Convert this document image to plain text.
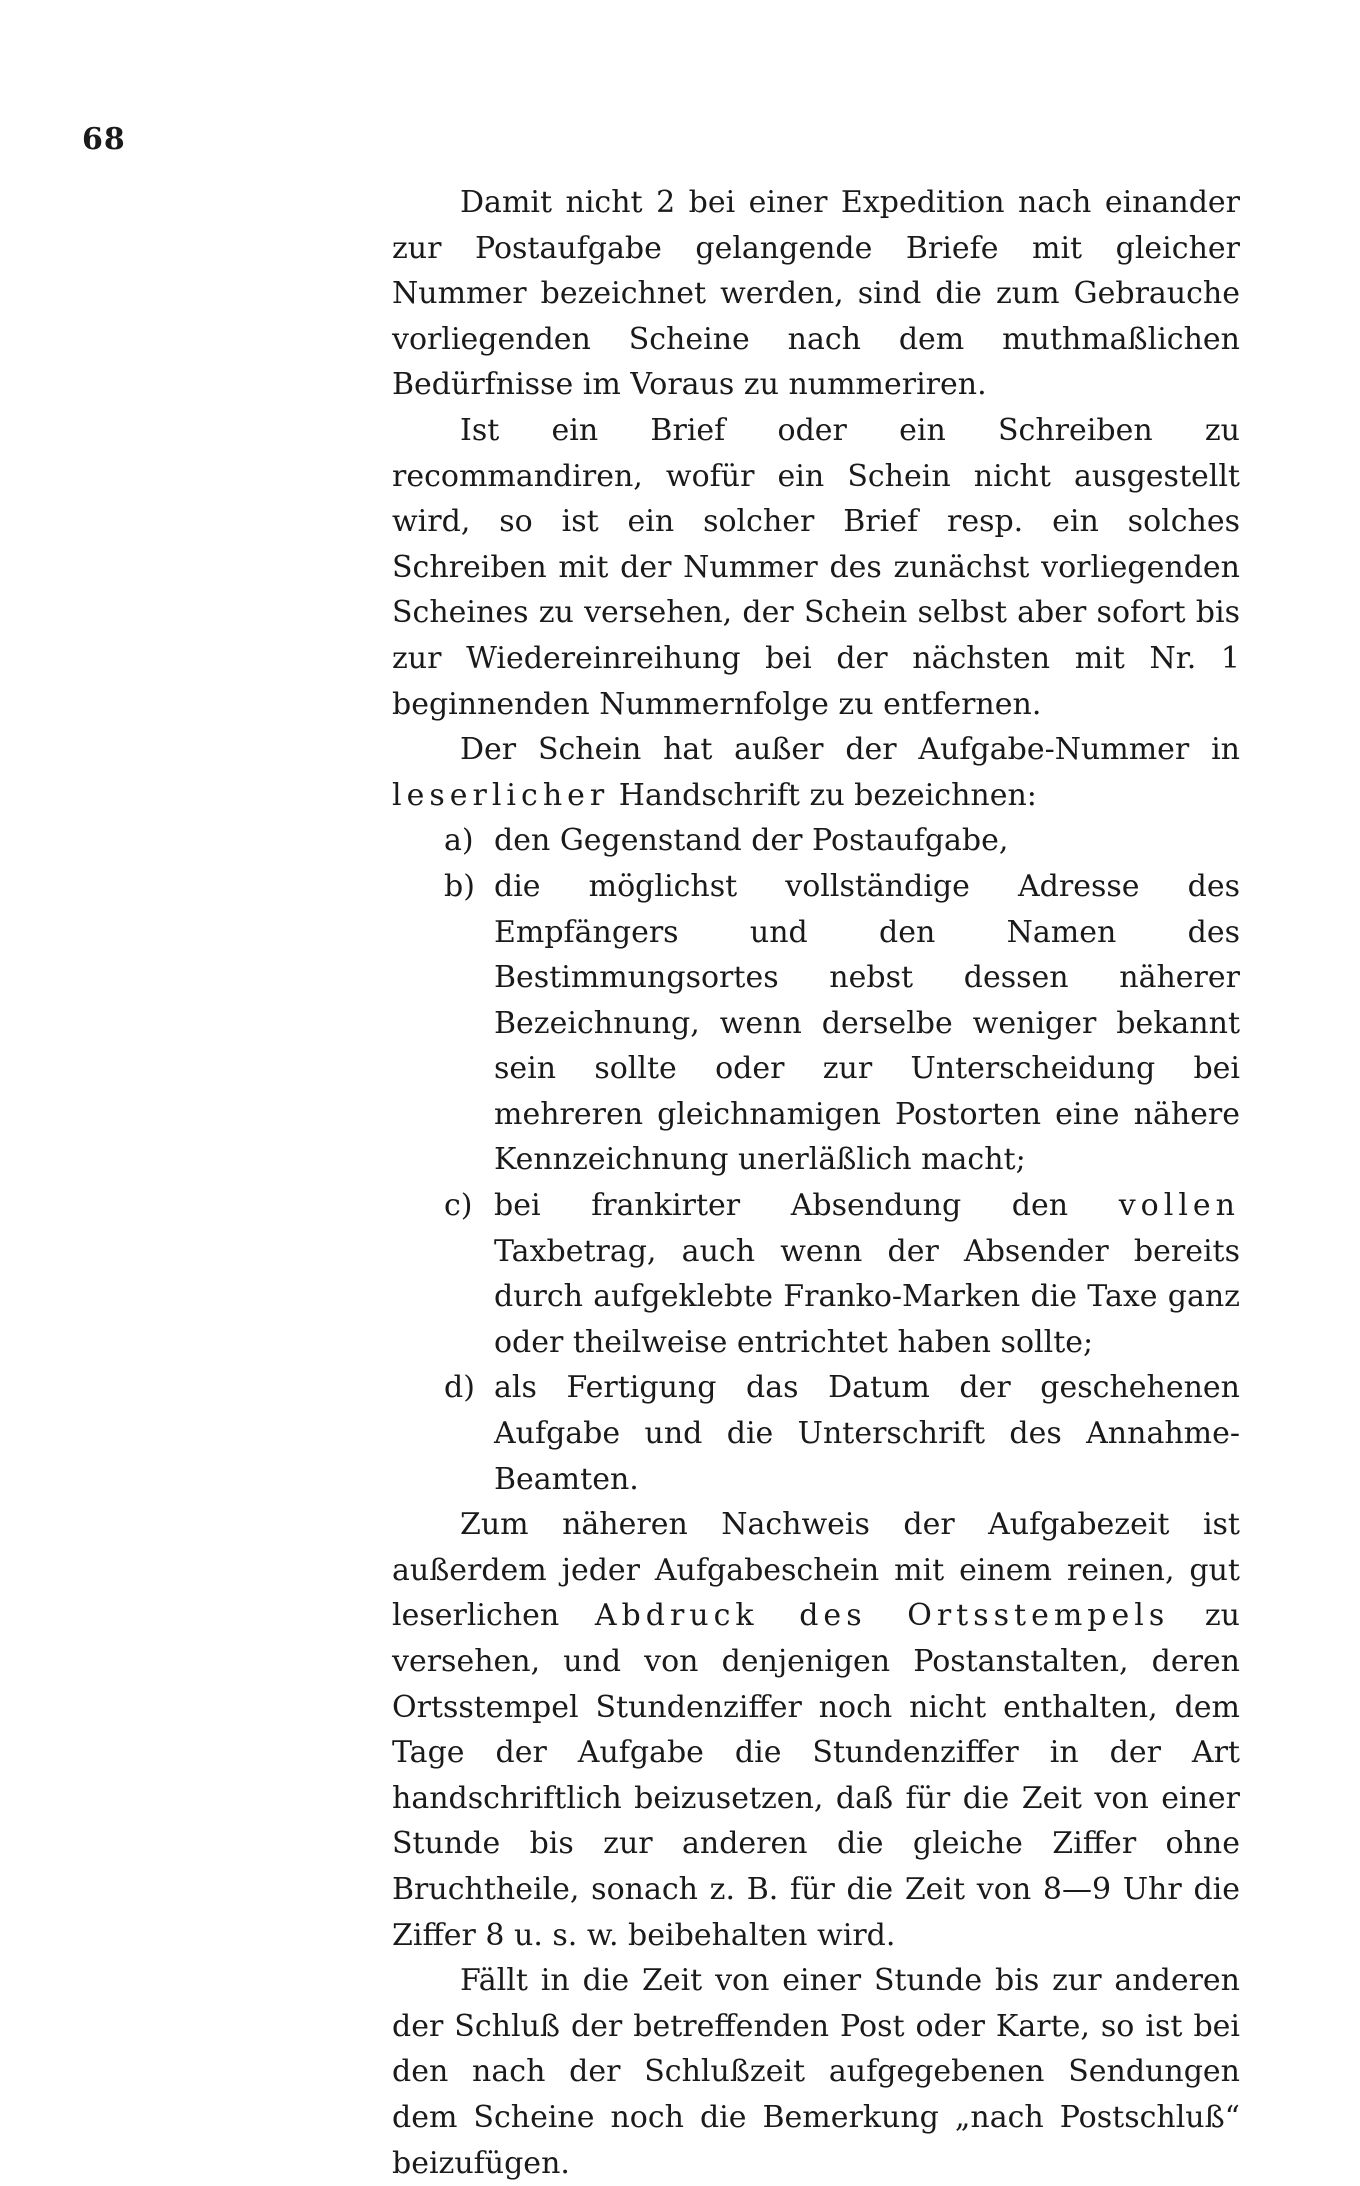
68

Damit nicht 2 bei einer Expedition nach einander zur Postaufgabe gelangende Briefe mit gleicher Nummer bezeichnet werden, sind die zum Gebrauche vorliegenden Scheine nach dem muthmaßlichen Bedürfnisse im Voraus zu nummeriren.

Ist ein Brief oder ein Schreiben zu recommandiren, wofür ein Schein nicht ausgestellt wird, so ist ein solcher Brief resp. ein solches Schreiben mit der Nummer des zunächst vorliegenden Scheines zu versehen, der Schein selbst aber sofort bis zur Wiedereinreihung bei der nächsten mit Nr. 1 beginnenden Nummernfolge zu entfernen.

Der Schein hat außer der Aufgabe-Nummer in leserlicher Handschrift zu bezeichnen:

a) den Gegenstand der Postaufgabe,
b) die möglichst vollständige Adresse des Empfängers und den Namen des Bestimmungsortes nebst dessen näherer Bezeichnung, wenn derselbe weniger bekannt sein sollte oder zur Unterscheidung bei mehreren gleichnamigen Postorten eine nähere Kennzeichnung unerläßlich macht;
c) bei frankirter Absendung den vollen Taxbetrag, auch wenn der Absender bereits durch aufgeklebte Franko-Marken die Taxe ganz oder theilweise entrichtet haben sollte;
d) als Fertigung das Datum der geschehenen Aufgabe und die Unterschrift des Annahme-Beamten.

Zum näheren Nachweis der Aufgabezeit ist außerdem jeder Aufgabeschein mit einem reinen, gut leserlichen Abdruck des Ortsstempels zu versehen, und von denjenigen Postanstalten, deren Ortsstempel Stundenziffer noch nicht enthalten, dem Tage der Aufgabe die Stundenziffer in der Art handschriftlich beizusetzen, daß für die Zeit von einer Stunde bis zur anderen die gleiche Ziffer ohne Bruchtheile, sonach z. B. für die Zeit von 8—9 Uhr die Ziffer 8 u. s. w. beibehalten wird.

Fällt in die Zeit von einer Stunde bis zur anderen der Schluß der betreffenden Post oder Karte, so ist bei den nach der Schlußzeit aufgegebenen Sendungen dem Scheine noch die Bemerkung „nach Postschluß“ beizufügen.
